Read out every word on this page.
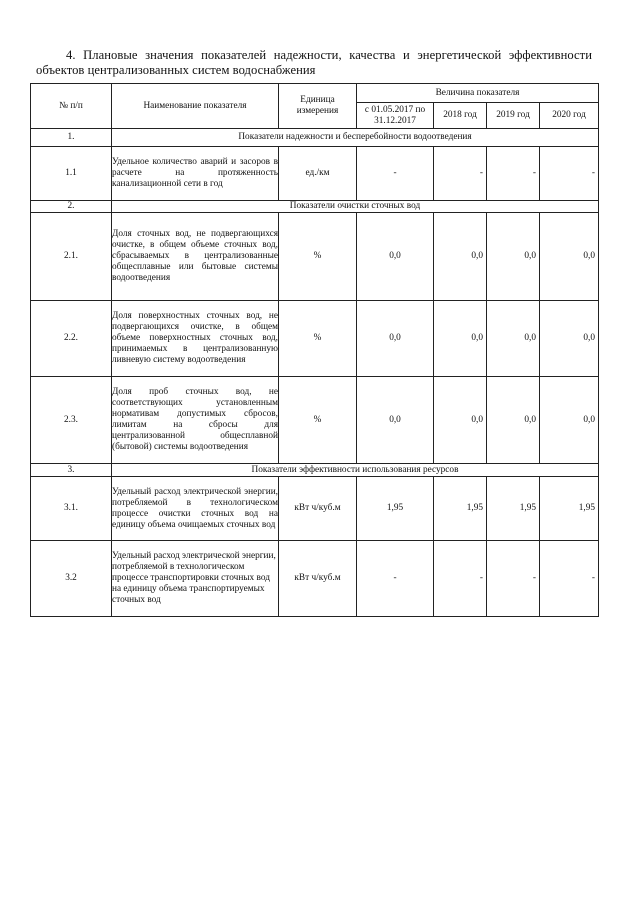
4. Плановые значения показателей надежности, качества и энергетической эффективности объектов централизованных систем водоснабжения
№ п/п	Наименование показателя	Единица измерения	Величина показателя			
			с 01.05.2017 по 31.12.2017	2018 год	2019 год	2020 год
1.	Показатели надежности и бесперебойности водоотведения					
1.1	Удельное количество аварий и засоров в расчете на протяженность канализационной сети в год	ед./км	-	-	-	-
2.	Показатели очистки сточных вод					
2.1.	Доля сточных вод, не подвергающихся очистке, в общем объеме сточных вод, сбрасываемых в централизованные общесплавные или бытовые системы водоотведения	%	0,0	0,0	0,0	0,0
2.2.	Доля поверхностных сточных вод, не подвергающихся очистке, в общем объеме поверхностных сточных вод, принимаемых в централизованную ливневую систему водоотведения	%	0,0	0,0	0,0	0,0
2.3.	Доля проб сточных вод, не соответствующих установленным нормативам допустимых сбросов, лимитам на сбросы для централизованной общесплавной (бытовой) системы водоотведения	%	0,0	0,0	0,0	0,0
3.	Показатели эффективности использования ресурсов					
3.1.	Удельный расход электрической энергии, потребляемой в технологическом процессе очистки сточных вод на единицу объема очищаемых сточных вод	кВт ч/куб.м	1,95	1,95	1,95	1,95
3.2	Удельный расход электрической энергии, потребляемой в технологическом процессе транспортировки сточных вод на единицу объема транспортируемых сточных вод	кВт ч/куб.м	-	-	-	-
